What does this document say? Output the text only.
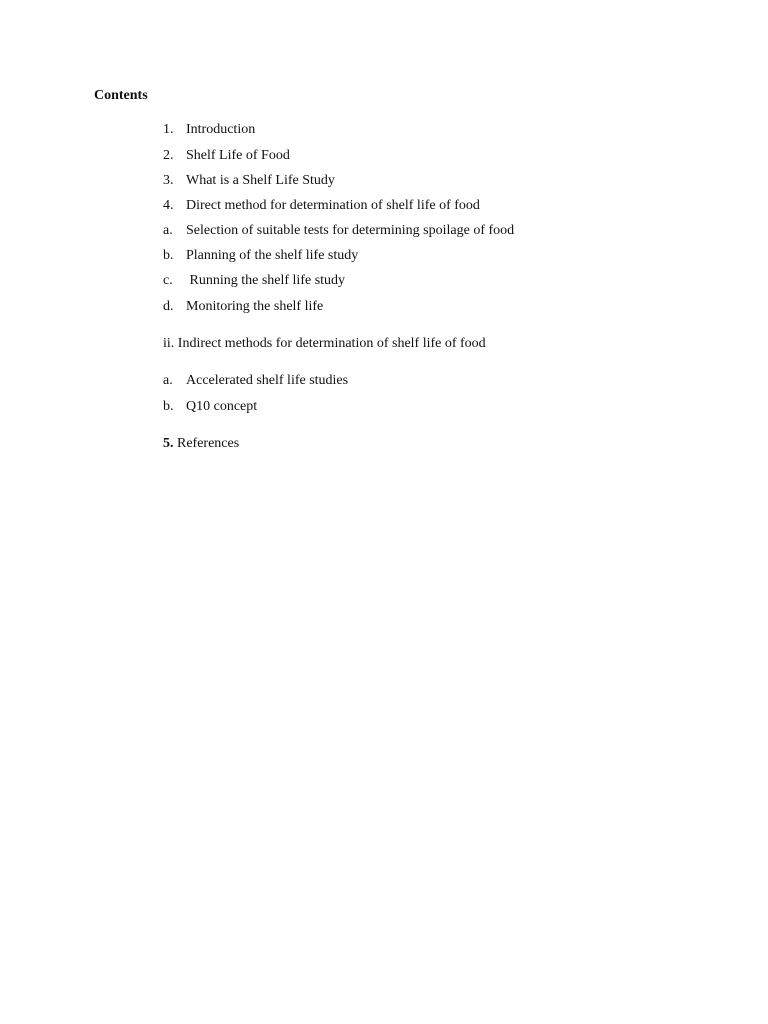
Contents
1. Introduction
2. Shelf Life of Food
3. What is a Shelf Life Study
4. Direct method for determination of shelf life of food
a. Selection of suitable tests for determining spoilage of food
b. Planning of the shelf life study
c. Running the shelf life study
d. Monitoring the shelf life
ii. Indirect methods for determination of shelf life of food
a. Accelerated shelf life studies
b. Q10 concept
5. References
